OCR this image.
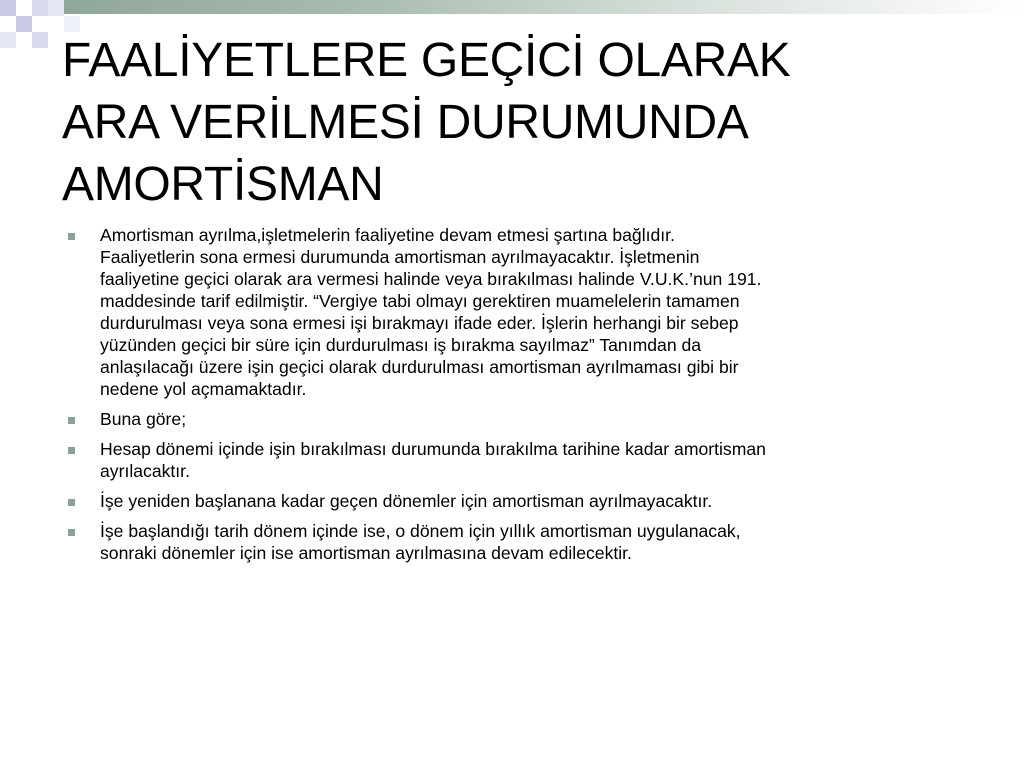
FAALİYETLERE GEÇİCİ OLARAK
ARA VERİLMESİ DURUMUNDA
AMORTİSMAN
Amortisman ayrılma,işletmelerin faaliyetine devam etmesi şartına bağlıdır.
Faaliyetlerin sona ermesi durumunda amortisman ayrılmayacaktır. İşletmenin
faaliyetine geçici olarak ara vermesi halinde veya bırakılması halinde V.U.K.’nun 191.
maddesinde tarif edilmiştir. “Vergiye tabi olmayı gerektiren muamelelerin tamamen
durdurulması veya sona ermesi işi bırakmayı ifade eder. İşlerin herhangi bir sebep
yüzünden geçici bir süre için durdurulması iş bırakma sayılmaz” Tanımdan da
anlaşılacağı üzere işin geçici olarak durdurulması amortisman ayrılmaması gibi bir
nedene yol açmamaktadır.
Buna göre;
Hesap dönemi içinde işin bırakılması durumunda bırakılma tarihine kadar amortisman
ayrılacaktır.
İşe yeniden başlanana kadar geçen dönemler için amortisman ayrılmayacaktır.
İşe başlandığı tarih dönem içinde ise, o dönem için yıllık amortisman uygulanacak,
sonraki dönemler için ise amortisman ayrılmasına devam edilecektir.
